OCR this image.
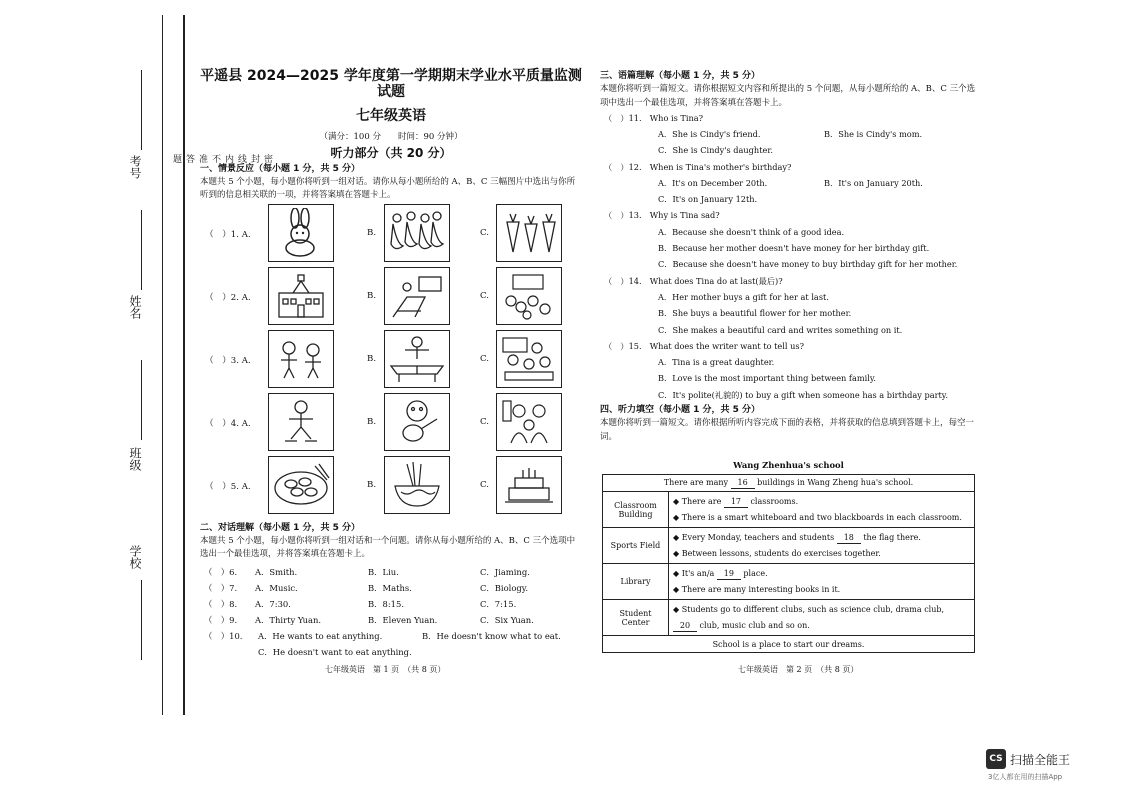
考号
姓名
班级
学校
密
封
线
内
不
准
答
题
平遥县 2024—2025 学年度第一学期期末学业水平质量监测试题
七年级英语
（满分：100 分　　时间：90 分钟）
听力部分（共 20 分）
一、情景反应（每小题 1 分，共 5 分）
本题共 5 个小题，每小题你将听到一组对话。请你从每小题所给的 A、B、C 三幅图片中选出与你所听到的信息相关联的一项，并将答案填在答题卡上。
（　）1. A.	B.	C.
（　）2. A.	B.	C.
（　）3. A.	B.	C.
（　）4. A.	B.	C.
（　）5. A.	B.	C.
二、对话理解（每小题 1 分，共 5 分）
本题共 5 个小题，每小题你将听到一组对话和一个问题。请你从每小题所给的 A、B、C 三个选项中选出一个最佳选项，并将答案填在答题卡上。
（　）6. A．Smith.	B．Liu.	C．Jiaming.
（　）7. A．Music.	B．Maths.	C．Biology.
（　）8. A．7:30.	B．8:15.	C．7:15.
（　）9. A．Thirty Yuan.	B．Eleven Yuan.	C．Six Yuan.
（　）10. A．He wants to eat anything.	B．He doesn't know what to eat.
C．He doesn't want to eat anything.
七年级英语　第 1 页　（共 8 页）
三、语篇理解（每小题 1 分，共 5 分）
本题你将听到一篇短文。请你根据短文内容和所提出的 5 个问题，从每小题所给的 A、B、C 三个选项中选出一个最佳选项，并将答案填在答题卡上。
（　）11.　Who is Tina?
A．She is Cindy's friend.	B．She is Cindy's mom.
C．She is Cindy's daughter.
（　）12.　When is Tina's mother's birthday?
A．It's on December 20th.	B．It's on January 20th.
C．It's on January 12th.
（　）13.　Why is Tina sad?
A．Because she doesn't think of a good idea.
B．Because her mother doesn't have money for her birthday gift.
C．Because she doesn't have money to buy birthday gift for her mother.
（　）14.　What does Tina do at last(最后)?
A．Her mother buys a gift for her at last.
B．She buys a beautiful flower for her mother.
C．She makes a beautiful card and writes something on it.
（　）15.　What does the writer want to tell us?
A．Tina is a great daughter.
B．Love is the most important thing between family.
C．It's polite(礼貌的) to buy a gift when someone has a birthday party.
四、听力填空（每小题 1 分，共 5 分）
本题你将听到一篇短文。请你根据所听内容完成下面的表格，并将获取的信息填到答题卡上，每空一词。
Wang Zhenhua's school
There are many 16 buildings in Wang Zheng hua's school.	
Classroom Building	◆ There are 17 classrooms.
◆ There is a smart whiteboard and two blackboards in each classroom.

Sports Field	◆ Every Monday, teachers and students 18 the flag there.
◆ Between lessons, students do exercises together.

Library	◆ It's an/a 19 place.
◆ There are many interesting books in it.

Student Center	◆ Students go to different clubs, such as science club, drama club, 20 club, music club and so on.
School is a place to start our dreams.	
七年级英语　第 2 页　（共 8 页）
CS 扫描全能王
3亿人都在用的扫描App
